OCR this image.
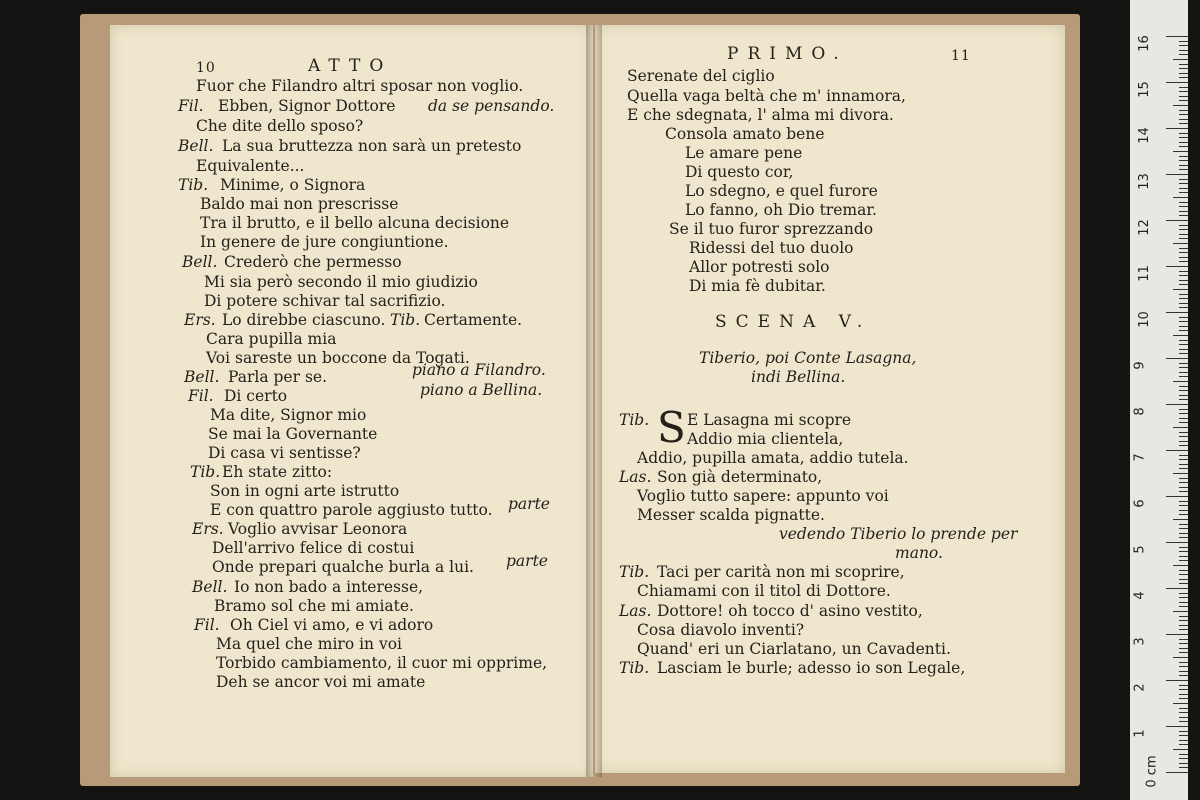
10	ATTO
Fuor che Filandro altri sposar non voglio.
Fil. Ebben, Signor Dottore da se pensando.
Che dite dello sposo?
Bell. La sua bruttezza non sarà un pretesto
Equivalente...
Tib. Minime, o Signora
Baldo mai non prescrisse
Tra il brutto, e il bello alcuna decisione
In genere de jure congiuntione.
Bell. Crederò che permesso
Mi sia però secondo il mio giudizio
Di potere schivar tal sacrifizio.
Ers. Lo direbbe ciascuno. Tib. Certamente.
Cara pupilla mia
Voi sareste un boccone da Togati.
Bell. Parla per se.	piano a Filandro.
Fil. Di certo	piano a Bellina.
Ma dite, Signor mio
Se mai la Governante
Di casa vi sentisse?
Tib. Eh state zitto:
Son in ogni arte istrutto
E con quattro parole aggiusto tutto. parte
Ers. Voglio avvisar Leonora
Dell'arrivo felice di costui
Onde prepari qualche burla a lui. parte
Bell. Io non bado a interesse,
Bramo sol che mi amiate.
Fil. Oh Ciel vi amo, e vi adoro
Ma quel che miro in voi
Torbido cambiamento, il cuor mi opprime,
Deh se ancor voi mi amate
PRIMO.	11
Serenate del ciglio
Quella vaga beltà che m' innamora,
E che sdegnata, l' alma mi divora.
Consola amato bene
Le amare pene
Di questo cor,
Lo sdegno, e quel furore
Lo fanno, oh Dio tremar.
Se il tuo furor sprezzando
Ridessi del tuo duolo
Allor potresti solo
Di mia fè dubitar.
SCENA V.
Tiberio, poi Conte Lasagna,
indi Bellina.
Tib. S E Lasagna mi scopre
Addio mia clientela,
Addio, pupilla amata, addio tutela.
Las. Son già determinato,
Voglio tutto sapere: appunto voi
Messer scalda pignatte.
vedendo Tiberio lo prende per
mano.
Tib. Taci per carità non mi scoprire,
Chiamami con il titol di Dottore.
Las. Dottore! oh tocco d' asino vestito,
Cosa diavolo inventi?
Quand' eri un Ciarlatano, un Cavadenti.
Tib. Lasciam le burle; adesso io son Legale,
16
15
14
13
12
11
10
9
8
7
6
5
4
3
2
1
0 cm
